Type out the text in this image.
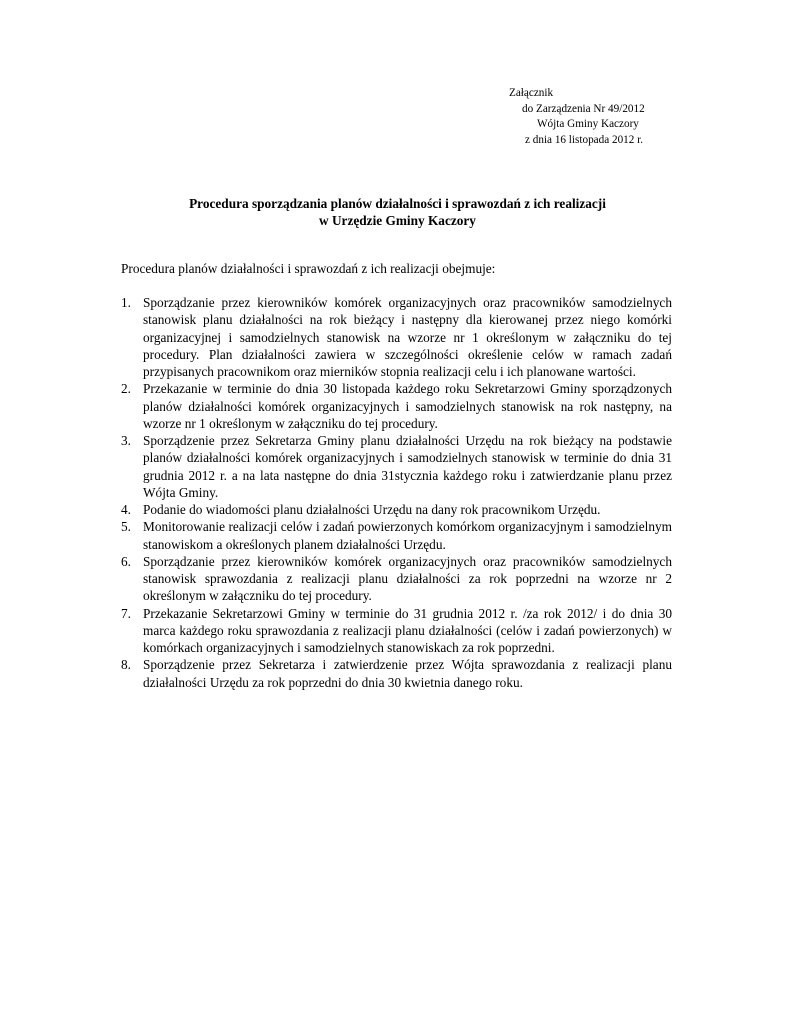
Załącznik
do Zarządzenia Nr 49/2012
Wójta Gminy Kaczory
z dnia 16 listopada 2012 r.
Procedura sporządzania planów działalności i sprawozdań z ich realizacji
w Urzędzie Gminy Kaczory
Procedura planów działalności i sprawozdań z ich realizacji obejmuje:
1. Sporządzanie przez kierowników komórek organizacyjnych oraz pracowników samodzielnych stanowisk planu działalności na rok bieżący i następny dla kierowanej przez niego komórki organizacyjnej i samodzielnych stanowisk na wzorze nr 1 określonym w załączniku do tej procedury. Plan działalności zawiera w szczególności określenie celów w ramach zadań przypisanych pracownikom oraz mierników stopnia realizacji celu i ich planowane wartości.
2. Przekazanie w terminie do dnia 30 listopada każdego roku Sekretarzowi Gminy sporządzonych planów działalności komórek organizacyjnych i samodzielnych stanowisk na rok następny, na wzorze nr 1 określonym w załączniku do tej procedury.
3. Sporządzenie przez Sekretarza Gminy planu działalności Urzędu na rok bieżący na podstawie planów działalności komórek organizacyjnych i samodzielnych stanowisk w terminie do dnia 31 grudnia 2012 r. a na lata następne do dnia 31stycznia każdego roku i zatwierdzanie planu przez Wójta Gminy.
4. Podanie do wiadomości planu działalności Urzędu na dany rok pracownikom Urzędu.
5. Monitorowanie realizacji celów i zadań powierzonych komórkom organizacyjnym i samodzielnym stanowiskom a określonych planem działalności Urzędu.
6. Sporządzanie przez kierowników komórek organizacyjnych oraz pracowników samodzielnych stanowisk sprawozdania z realizacji planu działalności za rok poprzedni na wzorze nr 2 określonym w załączniku do tej procedury.
7. Przekazanie Sekretarzowi Gminy w terminie do 31 grudnia 2012 r. /za rok 2012/ i do dnia 30 marca każdego roku sprawozdania z realizacji planu działalności (celów i zadań powierzonych) w komórkach organizacyjnych i samodzielnych stanowiskach za rok poprzedni.
8. Sporządzenie przez Sekretarza i zatwierdzenie przez Wójta sprawozdania z realizacji planu działalności Urzędu za rok poprzedni do dnia 30 kwietnia danego roku.
